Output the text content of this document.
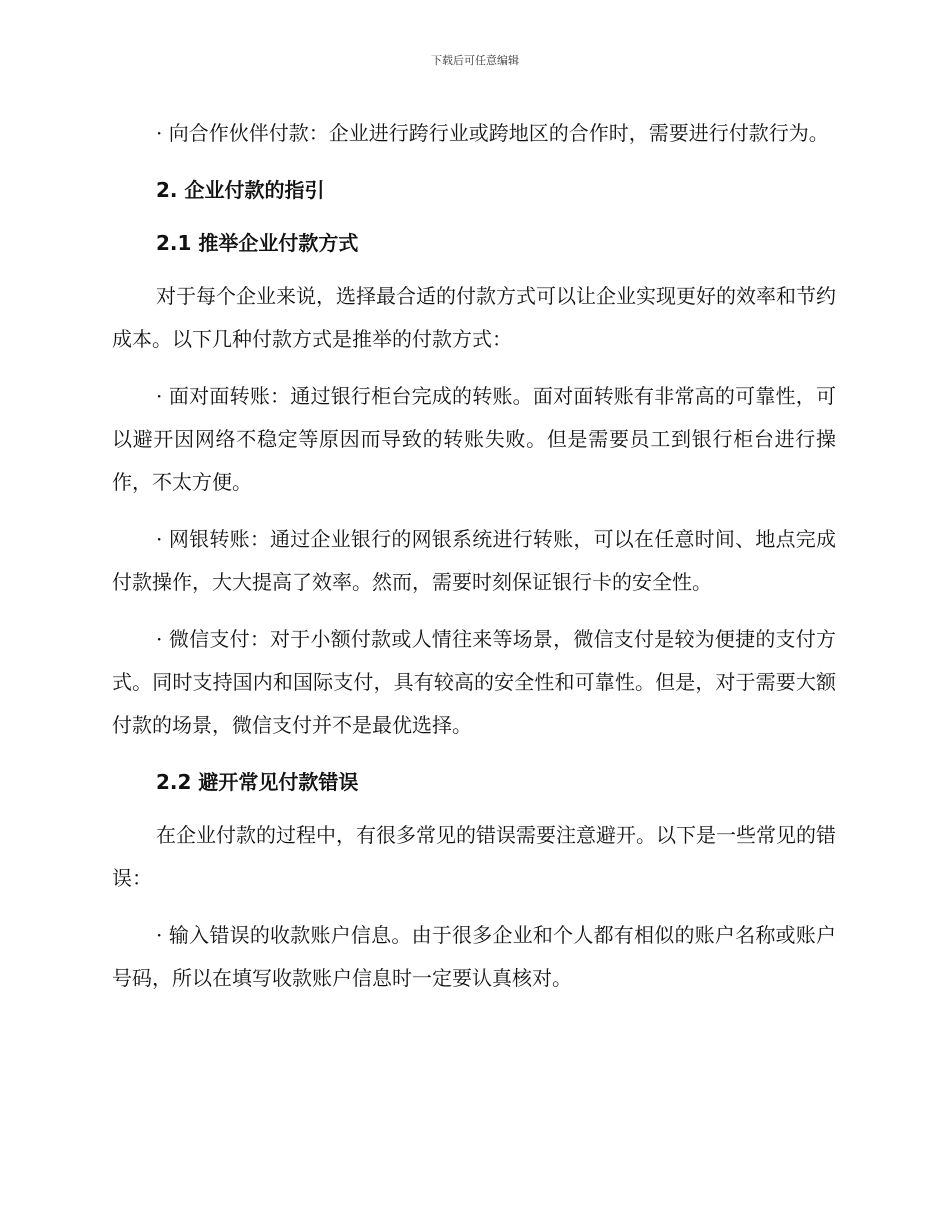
下载后可任意编辑

· 向合作伙伴付款：企业进行跨行业或跨地区的合作时，需要进行付款行为。

2. 企业付款的指引

2.1 推举企业付款方式

对于每个企业来说，选择最合适的付款方式可以让企业实现更好的效率和节约成本。以下几种付款方式是推举的付款方式：

· 面对面转账：通过银行柜台完成的转账。面对面转账有非常高的可靠性，可以避开因网络不稳定等原因而导致的转账失败。但是需要员工到银行柜台进行操作，不太方便。

· 网银转账：通过企业银行的网银系统进行转账，可以在任意时间、地点完成付款操作，大大提高了效率。然而，需要时刻保证银行卡的安全性。

· 微信支付：对于小额付款或人情往来等场景，微信支付是较为便捷的支付方式。同时支持国内和国际支付，具有较高的安全性和可靠性。但是，对于需要大额付款的场景，微信支付并不是最优选择。

2.2 避开常见付款错误

在企业付款的过程中，有很多常见的错误需要注意避开。以下是一些常见的错误：

· 输入错误的收款账户信息。由于很多企业和个人都有相似的账户名称或账户号码，所以在填写收款账户信息时一定要认真核对。
